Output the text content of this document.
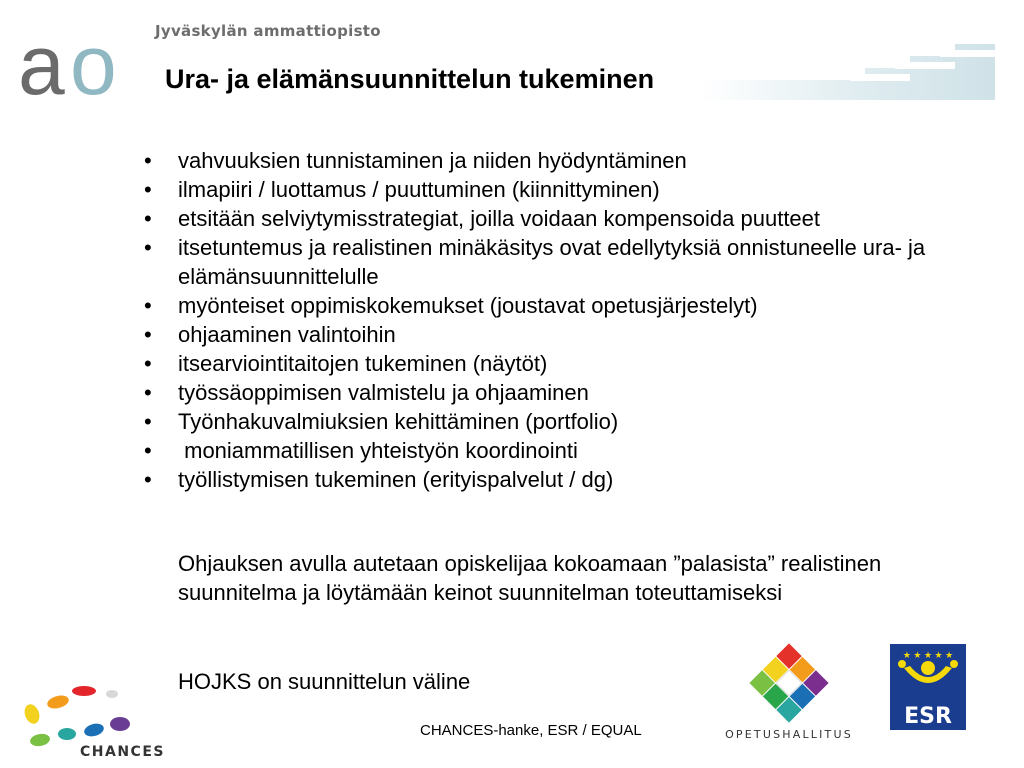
Jyväskylän ammattiopisto
a o Ura- ja elämänsuunnittelun tukeminen
• vahvuuksien tunnistaminen ja niiden hyödyntäminen
• ilmapiiri / luottamus / puuttuminen (kiinnittyminen)
• etsitään selviytymisstrategiat, joilla voidaan kompensoida puutteet
• itsetuntemus ja realistinen minäkäsitys ovat edellytyksiä onnistuneelle ura- ja elämänsuunnittelulle
• myönteiset oppimiskokemukset (joustavat opetusjärjestelyt)
• ohjaaminen valintoihin
• itsearviointitaitojen tukeminen (näytöt)
• työssäoppimisen valmistelu ja ohjaaminen
• Työnhakuvalmiuksien kehittäminen (portfolio)
• moniammatillisen yhteistyön koordinointi
• työllistymisen tukeminen (erityispalvelut / dg)
Ohjauksen avulla autetaan opiskelijaa kokoamaan ”palasista” realistinen suunnitelma ja löytämään keinot suunnitelman toteuttamiseksi
HOJKS on suunnittelun väline
CHANCES-hanke, ESR / EQUAL
CHANCES
OPETUSHALLITUS
★ ★ ★ ★ ★
ESR
